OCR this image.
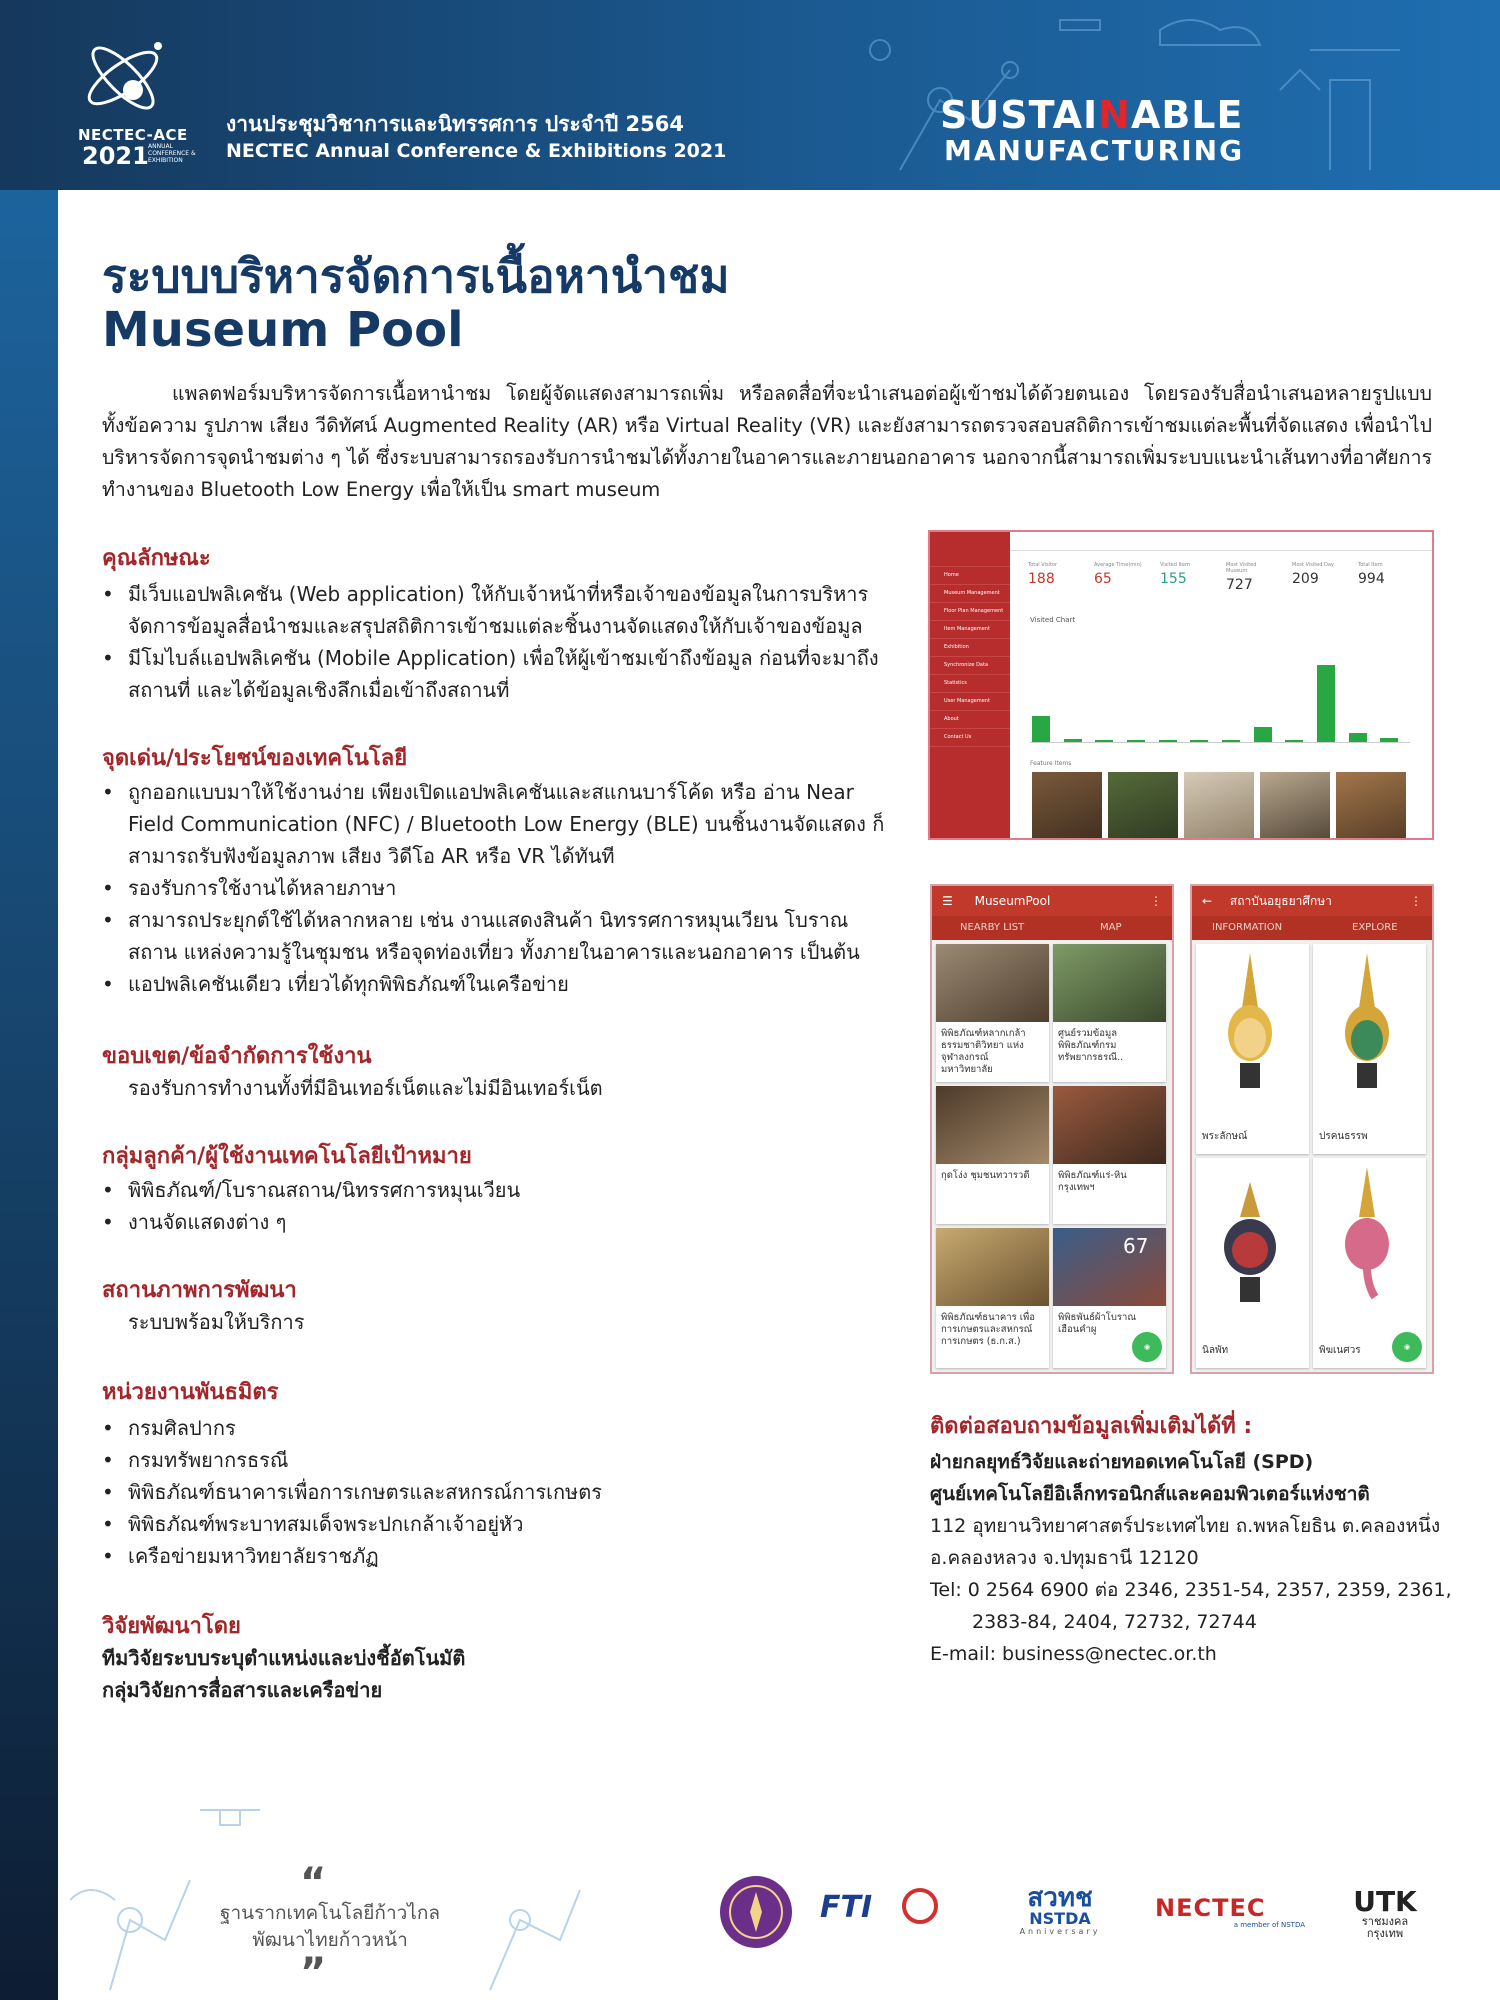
NECTEC-ACE
2021 ANNUAL CONFERENCE & EXHIBITION
งานประชุมวิชาการและนิทรรศการ ประจำปี 2564
NECTEC Annual Conference & Exhibitions 2021
SUSTAINABLE
MANUFACTURING
ระบบบริหารจัดการเนื้อหานำชม
Museum Pool
แพลตฟอร์มบริหารจัดการเนื้อหานำชม โดยผู้จัดแสดงสามารถเพิ่ม หรือลดสื่อที่จะนำเสนอต่อผู้เข้าชมได้ด้วยตนเอง โดยรองรับสื่อนำเสนอหลายรูปแบบ ทั้งข้อความ รูปภาพ เสียง วีดิทัศน์ Augmented Reality (AR) หรือ Virtual Reality (VR) และยังสามารถตรวจสอบสถิติการเข้าชมแต่ละพื้นที่จัดแสดง เพื่อนำไปบริหารจัดการจุดนำชมต่าง ๆ ได้ ซึ่งระบบสามารถรองรับการนำชมได้ทั้งภายในอาคารและภายนอกอาคาร นอกจากนี้สามารถเพิ่มระบบแนะนำเส้นทางที่อาศัยการทำงานของ Bluetooth Low Energy เพื่อให้เป็น smart museum
คุณลักษณะ
• มีเว็บแอปพลิเคชัน (Web application) ให้กับเจ้าหน้าที่หรือเจ้าของข้อมูลในการบริหารจัดการข้อมูลสื่อนำชมและสรุปสถิติการเข้าชมแต่ละชิ้นงานจัดแสดงให้กับเจ้าของข้อมูล
• มีโมไบล์แอปพลิเคชัน (Mobile Application) เพื่อให้ผู้เข้าชมเข้าถึงข้อมูล ก่อนที่จะมาถึงสถานที่ และได้ข้อมูลเชิงลึกเมื่อเข้าถึงสถานที่
จุดเด่น/ประโยชน์ของเทคโนโลยี
• ถูกออกแบบมาให้ใช้งานง่าย เพียงเปิดแอปพลิเคชันและสแกนบาร์โค้ด หรือ อ่าน Near Field Communication (NFC) / Bluetooth Low Energy (BLE) บนชิ้นงานจัดแสดง ก็สามารถรับฟังข้อมูลภาพ เสียง วิดีโอ AR หรือ VR ได้ทันที
• รองรับการใช้งานได้หลายภาษา
• สามารถประยุกต์ใช้ได้หลากหลาย เช่น งานแสดงสินค้า นิทรรศการหมุนเวียน โบราณสถาน แหล่งความรู้ในชุมชน หรือจุดท่องเที่ยว ทั้งภายในอาคารและนอกอาคาร เป็นต้น
• แอปพลิเคชันเดียว เที่ยวได้ทุกพิพิธภัณฑ์ในเครือข่าย
ขอบเขต/ข้อจำกัดการใช้งาน
รองรับการทำงานทั้งที่มีอินเทอร์เน็ตและไม่มีอินเทอร์เน็ต
กลุ่มลูกค้า/ผู้ใช้งานเทคโนโลยีเป้าหมาย
• พิพิธภัณฑ์/โบราณสถาน/นิทรรศการหมุนเวียน
• งานจัดแสดงต่าง ๆ
สถานภาพการพัฒนา
ระบบพร้อมให้บริการ
หน่วยงานพันธมิตร
• กรมศิลปากร
• กรมทรัพยากรธรณี
• พิพิธภัณฑ์ธนาคารเพื่อการเกษตรและสหกรณ์การเกษตร
• พิพิธภัณฑ์พระบาทสมเด็จพระปกเกล้าเจ้าอยู่หัว
• เครือข่ายมหาวิทยาลัยราชภัฏ
วิจัยพัฒนาโดย
ทีมวิจัยระบบระบุตำแหน่งและบ่งชี้อัตโนมัติ
กลุ่มวิจัยการสื่อสารและเครือข่าย
Home
Museum Management
Floor Plan Management
Item Management
Exhibition
Synchronize Data
Statistics
User Management
About
Contact Us
Total Visitor
188
Average Time(min)
65
Visited Item
155
Most Visited Museum
727
Most Visited Day
209
Total Item
994
Visited Chart
Feature Items
☰ MuseumPool	⋮
NEARBY LIST	MAP
พิพิธภัณฑ์หลากเกล้า ธรรมชาติวิทยา แห่งจุฬาลงกรณ์มหาวิทยาลัย
ศูนย์รวมข้อมูลพิพิธภัณฑ์กรมทรัพยากรธรณี..
กุดโง่ง ชุมชนทวารวดี	พิพิธภัณฑ์แร่-หิน กรุงเทพฯ
พิพิธภัณฑ์ธนาคาร เพื่อการเกษตรและสหกรณ์การเกษตร (ธ.ก.ส.)
67
พิพิธพันธ์ผ้าโบราณเฮือนคำผู
◉
← สถาบันอยุธยาศึกษา	⋮
INFORMATION	EXPLORE
พระลักษณ์	ปรคนธรรพ
นิลพัท	พิฆเนศวร	◉
ติดต่อสอบถามข้อมูลเพิ่มเติมได้ที่ :
ฝ่ายกลยุทธ์วิจัยและถ่ายทอดเทคโนโลยี (SPD)
ศูนย์เทคโนโลยีอิเล็กทรอนิกส์และคอมพิวเตอร์แห่งชาติ
112 อุทยานวิทยาศาสตร์ประเทศไทย ถ.พหลโยธิน ต.คลองหนึ่ง
อ.คลองหลวง จ.ปทุมธานี 12120
Tel: 0 2564 6900 ต่อ 2346, 2351-54, 2357, 2359, 2361,
2383-84, 2404, 72732, 72744
E-mail: business@nectec.or.th
“
ฐานรากเทคโนโลยีก้าวไกล
พัฒนาไทยก้าวหน้า
”
FTI	สวทช
NSTDA
Anniversary
NECTEC
a member of NSTDA
UTK
ราชมงคล
กรุงเทพ
